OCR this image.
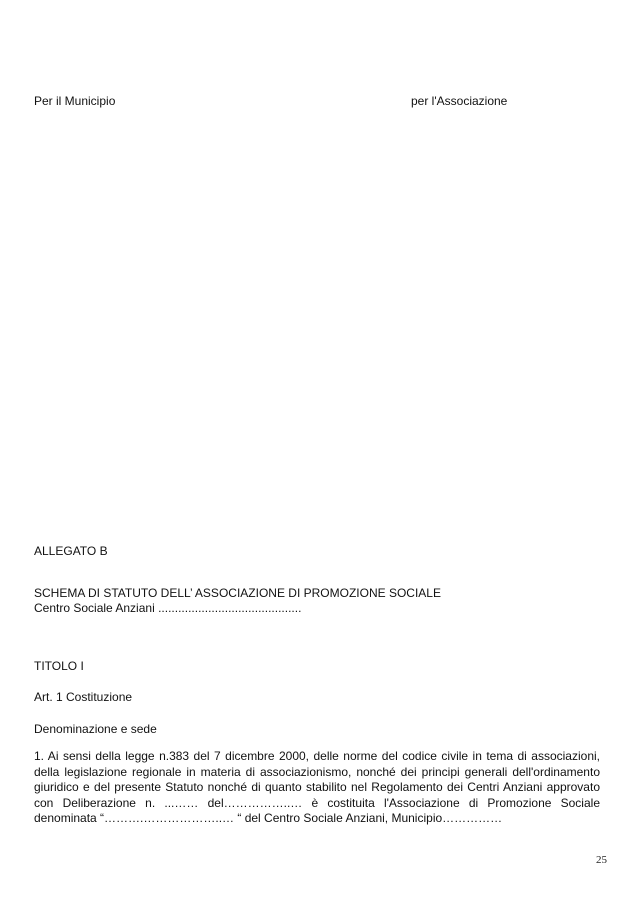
Per il Municipio	per l'Associazione
ALLEGATO B
SCHEMA DI STATUTO DELL’ ASSOCIAZIONE DI PROMOZIONE SOCIALE
Centro Sociale Anziani ...........................................
TITOLO I
Art. 1 Costituzione
Denominazione e sede
1. Ai sensi della legge n.383 del 7 dicembre 2000, delle norme del codice civile in tema di associazioni, della legislazione regionale in materia di associazionismo, nonché dei principi generali dell'ordinamento giuridico e del presente Statuto nonché di quanto stabilito nel Regolamento dei Centri Anziani approvato con Deliberazione n. ...…… del……………..… è costituita l'Associazione di Promozione Sociale denominata “……….………………..… “ del Centro Sociale Anziani, Municipio……………
25
